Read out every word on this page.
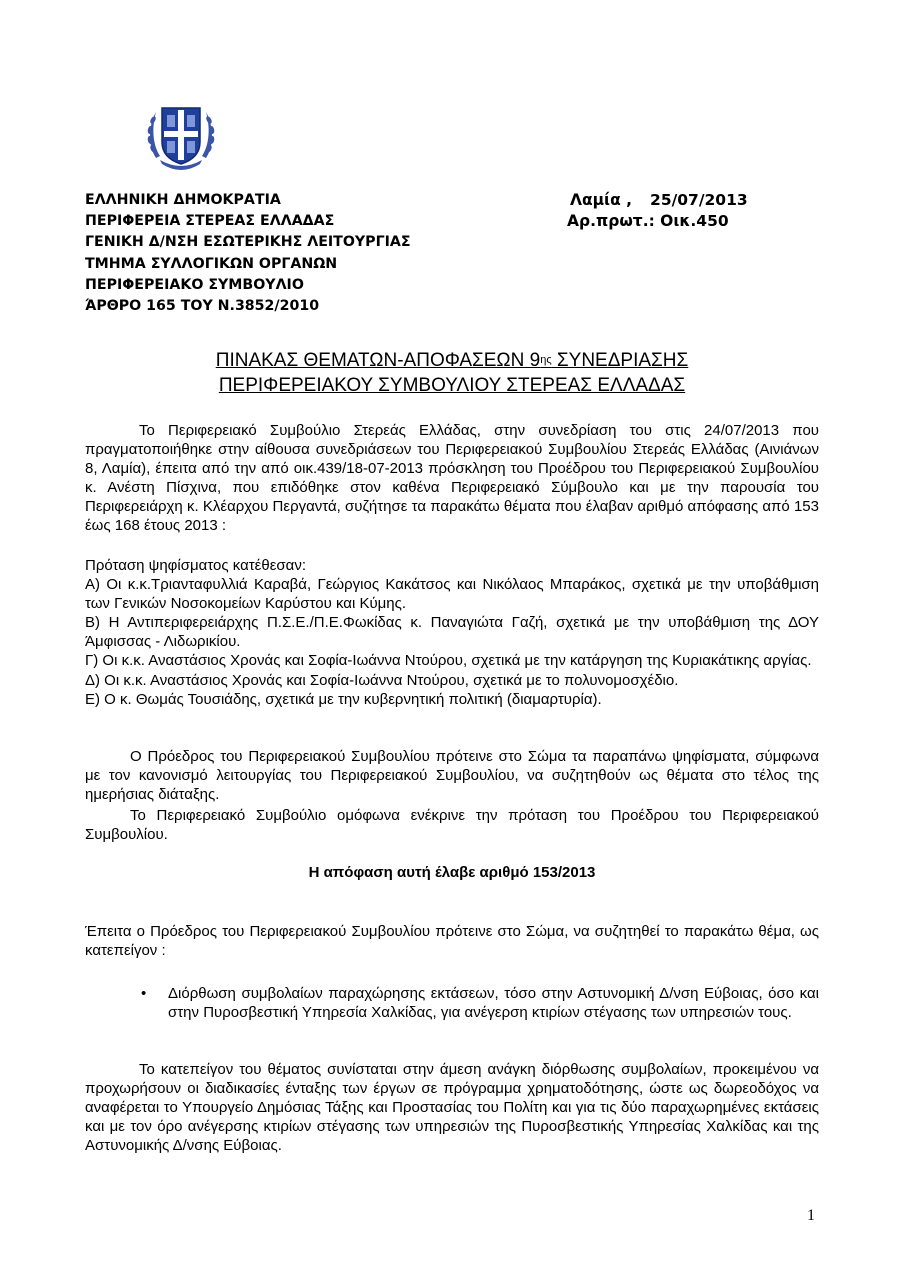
ΕΛΛΗΝΙΚΗ ΔΗΜΟΚΡΑΤΙΑ
ΠΕΡΙΦΕΡΕΙΑ ΣΤΕΡΕΑΣ ΕΛΛΑΔΑΣ
ΓΕΝΙΚΗ Δ/ΝΣΗ ΕΣΩΤΕΡΙΚΗΣ ΛΕΙΤΟΥΡΓΙΑΣ
ΤΜΗΜΑ ΣΥΛΛΟΓΙΚΩΝ ΟΡΓΑΝΩΝ
ΠΕΡΙΦΕΡΕΙΑΚΟ ΣΥΜΒΟΥΛΙΟ
ΆΡΘΡΟ 165 ΤΟΥ Ν.3852/2010
Λαμία , 25/07/2013
Αρ.πρωτ.: Οικ.450
ΠΙΝΑΚΑΣ ΘΕΜΑΤΩΝ-ΑΠΟΦΑΣΕΩΝ $9^{\eta\varsigma}$ ΣΥΝΕΔΡΙΑΣΗΣ
ΠΕΡΙΦΕΡΕΙΑΚΟΥ ΣΥΜΒΟΥΛΙΟΥ ΣΤΕΡΕΑΣ ΕΛΛΑΔΑΣ
Το Περιφερειακό Συμβούλιο Στερεάς Ελλάδας, στην συνεδρίαση του στις 24/07/2013 που πραγματοποιήθηκε στην αίθουσα συνεδριάσεων του Περιφερειακού Συμβουλίου Στερεάς Ελλάδας (Αινιάνων 8, Λαμία), έπειτα από την από οικ.439/18-07-2013 πρόσκληση του Προέδρου του Περιφερειακού Συμβουλίου κ. Ανέστη Πίσχινα, που επιδόθηκε στον καθένα Περιφερειακό Σύμβουλο και με την παρουσία του Περιφερειάρχη κ. Κλέαρχου Περγαντά, συζήτησε τα παρακάτω θέματα που έλαβαν αριθμό απόφασης από 153 έως 168 έτους 2013 :
Πρόταση ψηφίσματος κατέθεσαν:
Α) Οι κ.κ.Τριανταφυλλιά Καραβά, Γεώργιος Κακάτσος και Νικόλαος Μπαράκος, σχετικά με την υποβάθμιση των Γενικών Νοσοκομείων Καρύστου και Κύμης.
Β) Η Αντιπεριφερειάρχης Π.Σ.Ε./Π.Ε.Φωκίδας κ. Παναγιώτα Γαζή, σχετικά με την υποβάθμιση της ΔΟΥ Άμφισσας - Λιδωρικίου.
Γ) Οι κ.κ. Αναστάσιος Χρονάς και Σοφία-Ιωάννα Ντούρου, σχετικά με την κατάργηση της Κυριακάτικης αργίας.
Δ) Οι κ.κ. Αναστάσιος Χρονάς και Σοφία-Ιωάννα Ντούρου, σχετικά με το πολυνομοσχέδιο.
Ε) Ο κ. Θωμάς Τουσιάδης, σχετικά με την κυβερνητική πολιτική (διαμαρτυρία).
Ο Πρόεδρος του Περιφερειακού Συμβουλίου πρότεινε στο Σώμα τα παραπάνω ψηφίσματα, σύμφωνα με τον κανονισμό λειτουργίας του Περιφερειακού Συμβουλίου, να συζητηθούν ως θέματα στο τέλος της ημερήσιας διάταξης.
Το Περιφερειακό Συμβούλιο ομόφωνα ενέκρινε την πρόταση του Προέδρου του Περιφερειακού Συμβουλίου.
Η απόφαση αυτή έλαβε αριθμό 153/2013
Έπειτα ο Πρόεδρος του Περιφερειακού Συμβουλίου πρότεινε στο Σώμα, να συζητηθεί το παρακάτω θέμα, ως κατεπείγον :
• Διόρθωση συμβολαίων παραχώρησης εκτάσεων, τόσο στην Αστυνομική Δ/νση Εύβοιας, όσο και στην Πυροσβεστική Υπηρεσία Χαλκίδας, για ανέγερση κτιρίων στέγασης των υπηρεσιών τους.
Το κατεπείγον του θέματος συνίσταται στην άμεση ανάγκη διόρθωσης συμβολαίων, προκειμένου να προχωρήσουν οι διαδικασίες ένταξης των έργων σε πρόγραμμα χρηματοδότησης, ώστε ως δωρεοδόχος να αναφέρεται το Υπουργείο Δημόσιας Τάξης και Προστασίας του Πολίτη και για τις δύο παραχωρημένες εκτάσεις και με τον όρο ανέγερσης κτιρίων στέγασης των υπηρεσιών της Πυροσβεστικής Υπηρεσίας Χαλκίδας και της Αστυνομικής Δ/νσης Εύβοιας.
1
